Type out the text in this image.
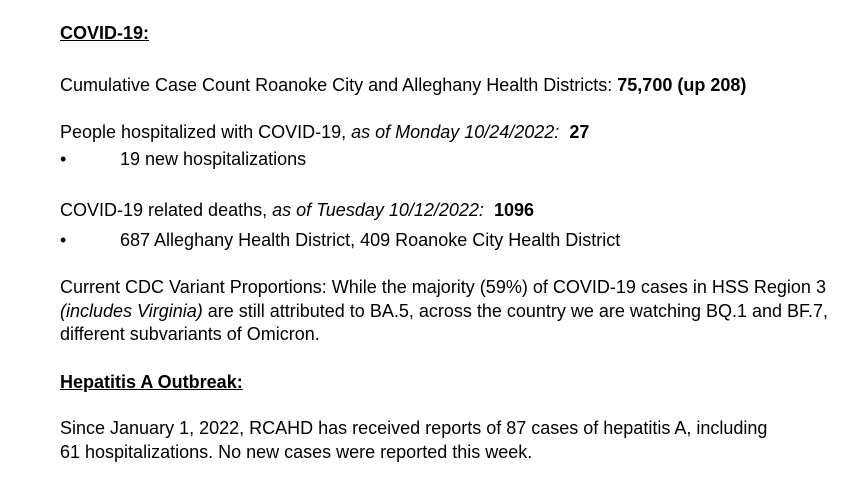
COVID-19:
Cumulative Case Count Roanoke City and Alleghany Health Districts: 75,700 (up 208)
People hospitalized with COVID-19, as of Monday 10/24/2022: 27
•	19 new hospitalizations
COVID-19 related deaths, as of Tuesday 10/12/2022: 1096
•	687 Alleghany Health District, 409 Roanoke City Health District
Current CDC Variant Proportions: While the majority (59%) of COVID-19 cases in HSS Region 3 (includes Virginia) are still attributed to BA.5, across the country we are watching BQ.1 and BF.7, different subvariants of Omicron.
Hepatitis A Outbreak:
Since January 1, 2022, RCAHD has received reports of 87 cases of hepatitis A, including 61 hospitalizations. No new cases were reported this week.
